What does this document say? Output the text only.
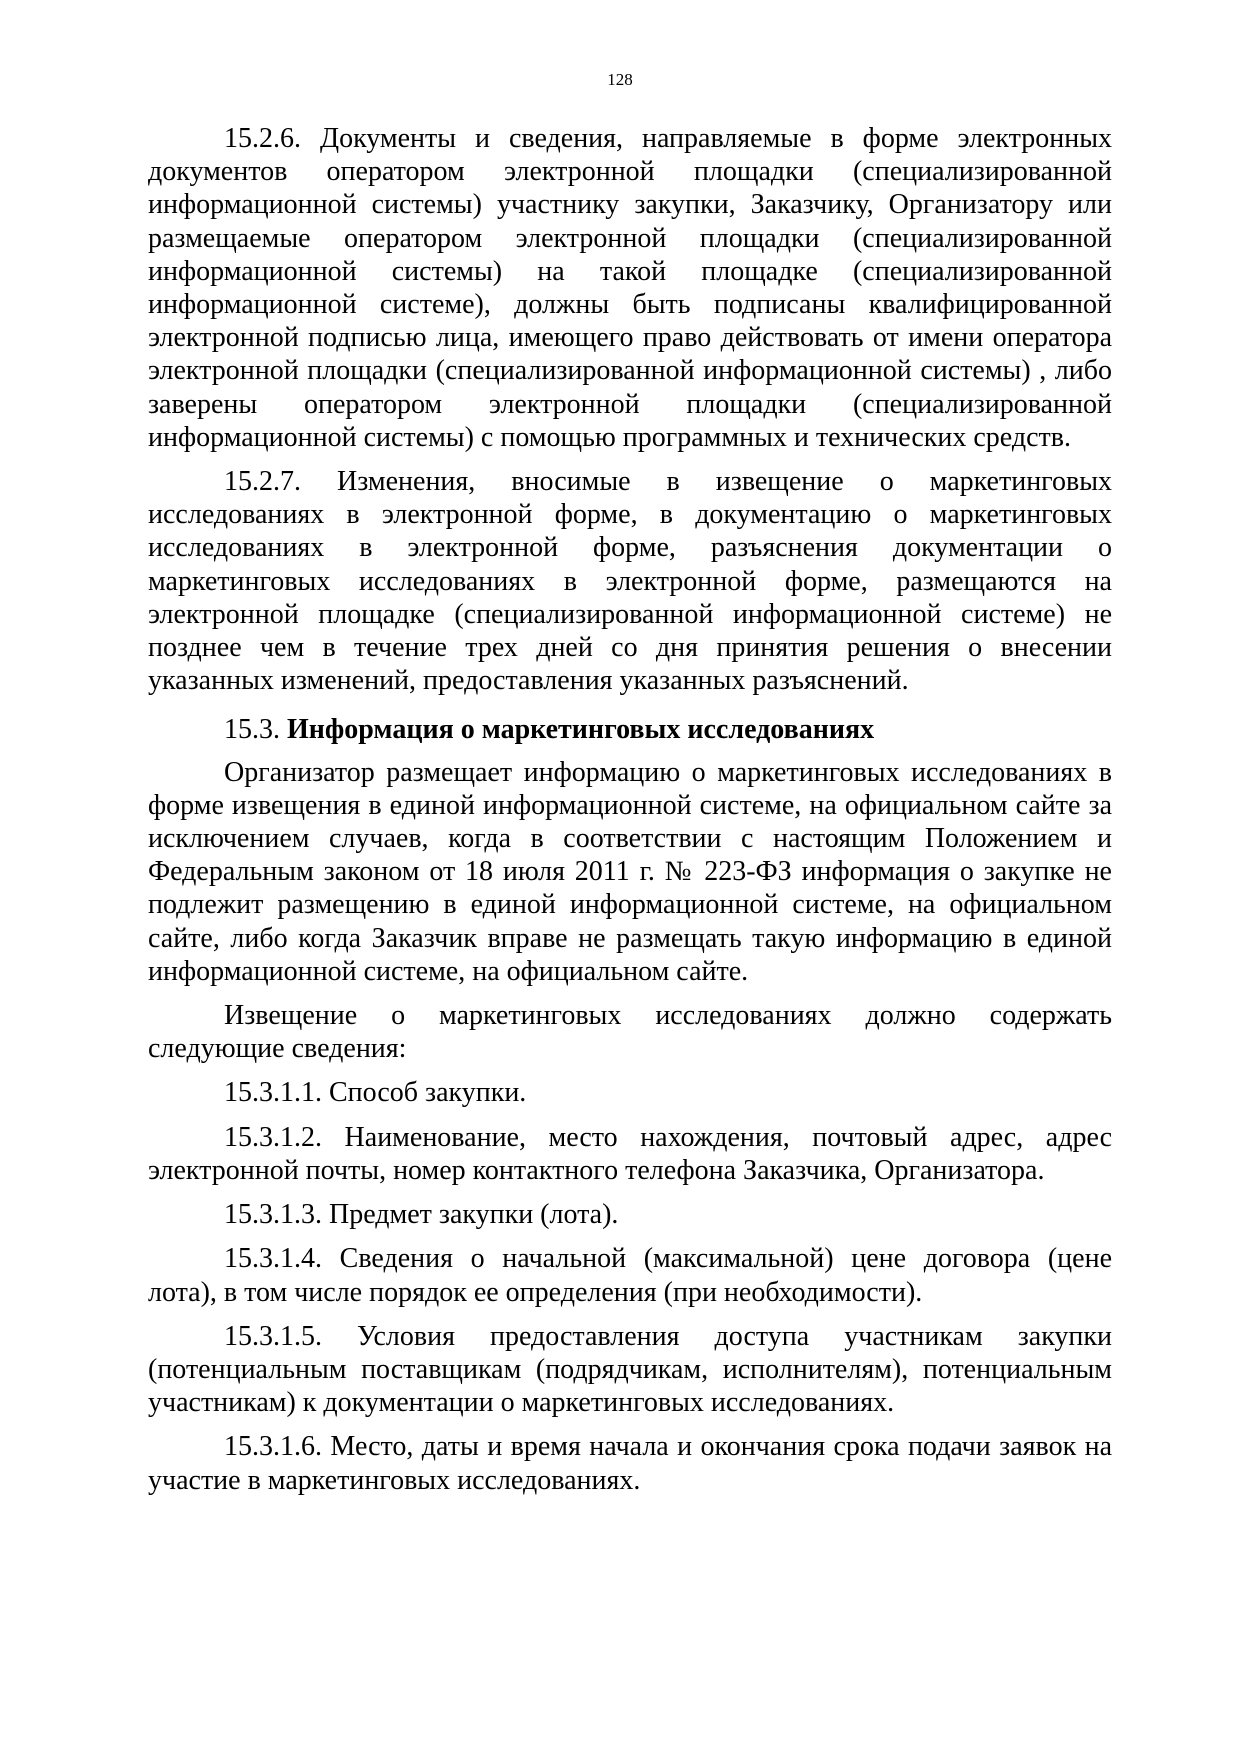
128

15.2.6. Документы и сведения, направляемые в форме электронных документов оператором электронной площадки (специализированной информационной системы) участнику закупки, Заказчику, Организатору или размещаемые оператором электронной площадки (специализированной информационной системы) на такой площадке (специализированной информационной системе), должны быть подписаны квалифицированной электронной подписью лица, имеющего право действовать от имени оператора электронной площадки (специализированной информационной системы) , либо заверены оператором электронной площадки (специализированной информационной системы) с помощью программных и технических средств.

15.2.7. Изменения, вносимые в извещение о маркетинговых исследованиях в электронной форме, в документацию о маркетинговых исследованиях в электронной форме, разъяснения документации о маркетинговых исследованиях в электронной форме, размещаются на электронной площадке (специализированной информационной системе) не позднее чем в течение трех дней со дня принятия решения о внесении указанных изменений, предоставления указанных разъяснений.

15.3. Информация о маркетинговых исследованиях

Организатор размещает информацию о маркетинговых исследованиях в форме извещения в единой информационной системе, на официальном сайте за исключением случаев, когда в соответствии с настоящим Положением и Федеральным законом от 18 июля 2011 г. № 223-ФЗ информация о закупке не подлежит размещению в единой информационной системе, на официальном сайте, либо когда Заказчик вправе не размещать такую информацию в единой информационной системе, на официальном сайте.

Извещение о маркетинговых исследованиях должно содержать следующие сведения:

15.3.1.1. Способ закупки.

15.3.1.2. Наименование, место нахождения, почтовый адрес, адрес электронной почты, номер контактного телефона Заказчика, Организатора.

15.3.1.3. Предмет закупки (лота).

15.3.1.4. Сведения о начальной (максимальной) цене договора (цене лота), в том числе порядок ее определения (при необходимости).

15.3.1.5. Условия предоставления доступа участникам закупки (потенциальным поставщикам (подрядчикам, исполнителям), потенциальным участникам) к документации о маркетинговых исследованиях.

15.3.1.6. Место, даты и время начала и окончания срока подачи заявок на участие в маркетинговых исследованиях.
